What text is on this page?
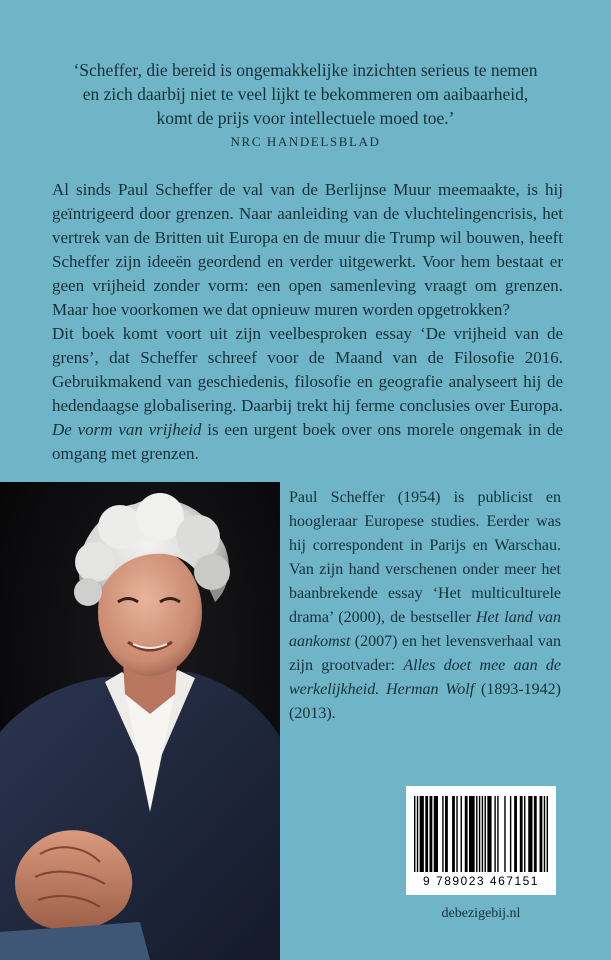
‘Scheffer, die bereid is ongemakkelijke inzichten serieus te nemen
en zich daarbij niet te veel lijkt te bekommeren om aaibaarheid,
komt de prijs voor intellectuele moed toe.’
NRC HANDELSBLAD
Al sinds Paul Scheffer de val van de Berlijnse Muur meemaakte, is hij geïntrigeerd door grenzen. Naar aanleiding van de vluchtelingencrisis, het vertrek van de Britten uit Europa en de muur die Trump wil bouwen, heeft Scheffer zijn ideeën geordend en verder uitgewerkt. Voor hem bestaat er geen vrijheid zonder vorm: een open samenleving vraagt om grenzen. Maar hoe voorkomen we dat opnieuw muren worden opgetrokken?
Dit boek komt voort uit zijn veelbesproken essay ‘De vrijheid van de grens’, dat Scheffer schreef voor de Maand van de Filosofie 2016. Gebruikmakend van geschiedenis, filosofie en geografie analyseert hij de hedendaagse globalisering. Daarbij trekt hij ferme conclusies over Europa. De vorm van vrijheid is een urgent boek over ons morele ongemak in de omgang met grenzen.
Paul Scheffer (1954) is publicist en hoogleraar Europese studies. Eerder was hij correspondent in Parijs en Warschau. Van zijn hand verschenen onder meer het baanbrekende essay ‘Het multiculturele drama’ (2000), de bestseller Het land van aankomst (2007) en het levensverhaal van zijn grootvader: Alles doet mee aan de werkelijkheid. Herman Wolf (1893-1942) (2013).
9 789023 467151
debezigebij.nl
